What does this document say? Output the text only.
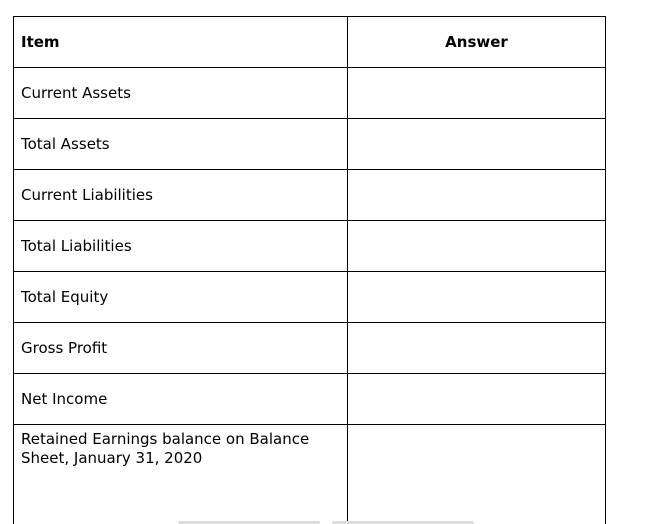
Item	Answer
Current Assets	
Total Assets	
Current Liabilities	
Total Liabilities	
Total Equity	
Gross Profit	
Net Income	
Retained Earnings balance on Balance Sheet, January 31, 2020	
